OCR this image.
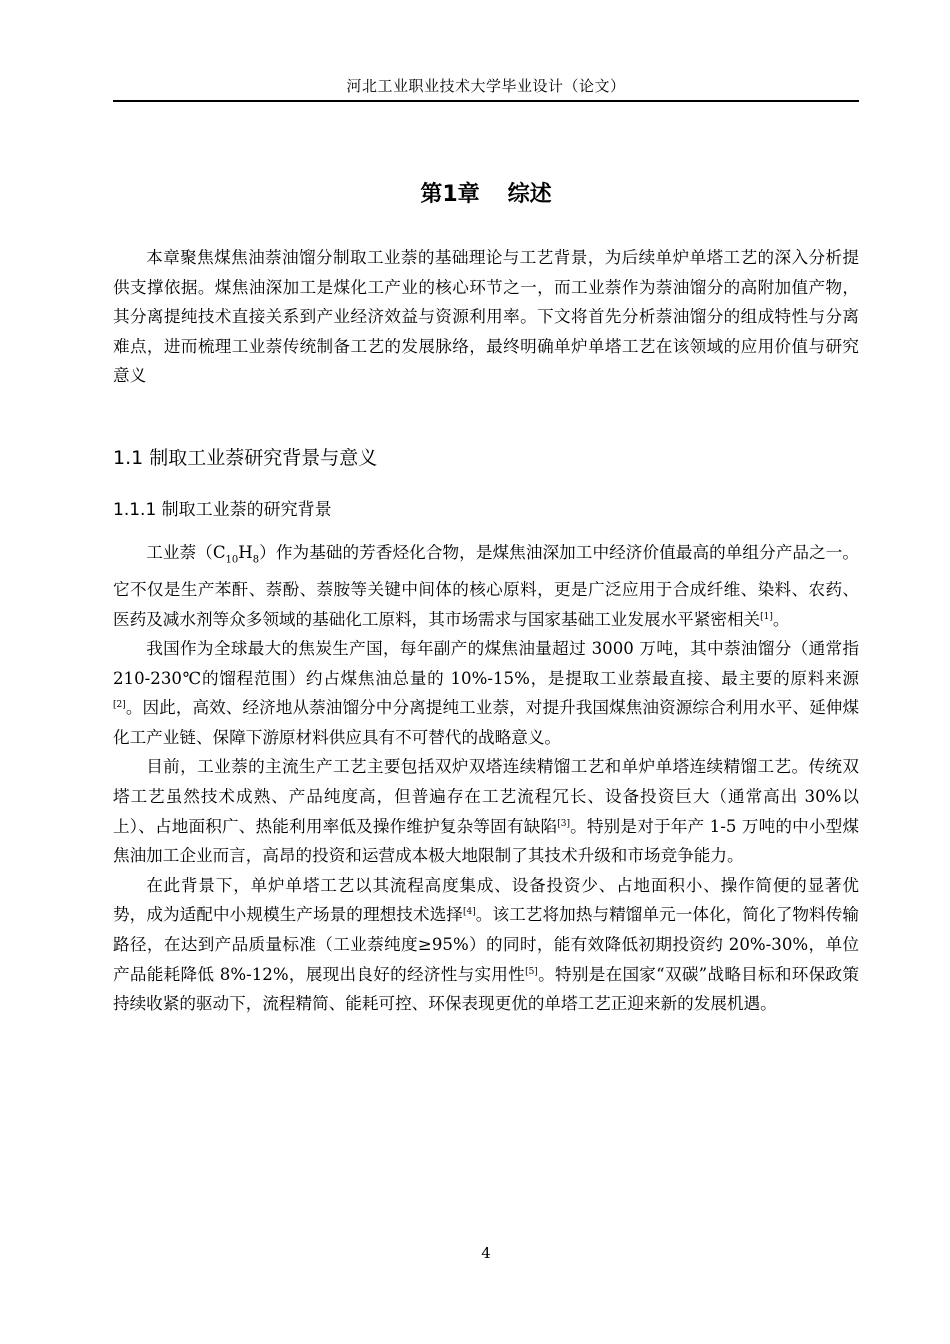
河北工业职业技术大学毕业设计（论文）
第1章 综述

本章聚焦煤焦油萘油馏分制取工业萘的基础理论与工艺背景，为后续单炉单塔工艺的深入分析提供支撑依据。煤焦油深加工是煤化工产业的核心环节之一，而工业萘作为萘油馏分的高附加值产物，其分离提纯技术直接关系到产业经济效益与资源利用率。下文将首先分析萘油馏分的组成特性与分离难点，进而梳理工业萘传统制备工艺的发展脉络，最终明确单炉单塔工艺在该领域的应用价值与研究意义

1.1 制取工业萘研究背景与意义
1.1.1 制取工业萘的研究背景

工业萘$(C_{10}H_8)$作为基础的芳香烃化合物，是煤焦油深加工中经济价值最高的单组分产品之一。它不仅是生产苯酐、萘酚、萘胺等关键中间体的核心原料，更是广泛应用于合成纤维、染料、农药、医药及减水剂等众多领域的基础化工原料，其市场需求与国家基础工业发展水平紧密相关[1]。

我国作为全球最大的焦炭生产国，每年副产的煤焦油量超过 3000 万吨，其中萘油馏分（通常指 210-230℃的馏程范围）约占煤焦油总量的 10%-15%，是提取工业萘最直接、最主要的原料来源[2]。因此，高效、经济地从萘油馏分中分离提纯工业萘，对提升我国煤焦油资源综合利用水平、延伸煤化工产业链、保障下游原材料供应具有不可替代的战略意义。

目前，工业萘的主流生产工艺主要包括双炉双塔连续精馏工艺和单炉单塔连续精馏工艺。传统双塔工艺虽然技术成熟、产品纯度高，但普遍存在工艺流程冗长、设备投资巨大（通常高出 30%以上）、占地面积广、热能利用率低及操作维护复杂等固有缺陷[3]。特别是对于年产 1-5 万吨的中小型煤焦油加工企业而言，高昂的投资和运营成本极大地限制了其技术升级和市场竞争能力。

在此背景下，单炉单塔工艺以其流程高度集成、设备投资少、占地面积小、操作简便的显著优势，成为适配中小规模生产场景的理想技术选择[4]。该工艺将加热与精馏单元一体化，简化了物料传输路径，在达到产品质量标准（工业萘纯度≥95%）的同时，能有效降低初期投资约 20%-30%，单位产品能耗降低 8%-12%，展现出良好的经济性与实用性[5]。特别是在国家“双碳”战略目标和环保政策持续收紧的驱动下，流程精简、能耗可控、环保表现更优的单塔工艺正迎来新的发展机遇。

4
